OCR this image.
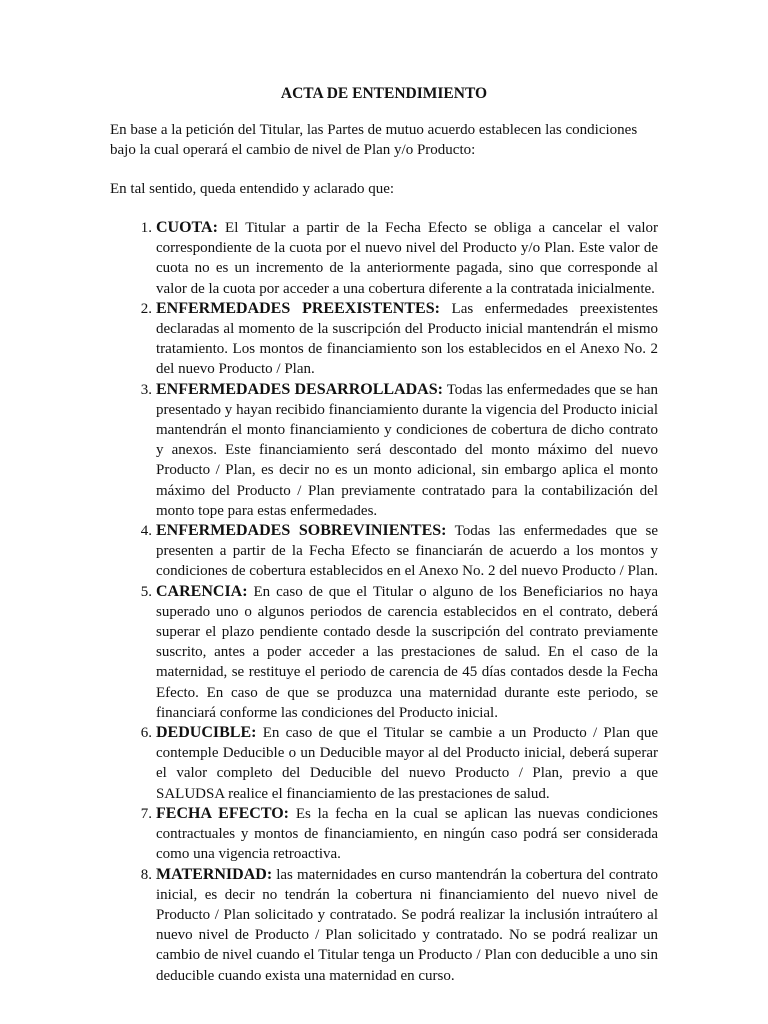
ACTA DE ENTENDIMIENTO

En base a la petición del Titular, las Partes de mutuo acuerdo establecen las condiciones bajo la cual operará el cambio de nivel de Plan y/o Producto:

En tal sentido, queda entendido y aclarado que:

1. CUOTA: El Titular a partir de la Fecha Efecto se obliga a cancelar el valor correspondiente de la cuota por el nuevo nivel del Producto y/o Plan. Este valor de cuota no es un incremento de la anteriormente pagada, sino que corresponde al valor de la cuota por acceder a una cobertura diferente a la contratada inicialmente.
2. ENFERMEDADES PREEXISTENTES: Las enfermedades preexistentes declaradas al momento de la suscripción del Producto inicial mantendrán el mismo tratamiento. Los montos de financiamiento son los establecidos en el Anexo No. 2 del nuevo Producto / Plan.
3. ENFERMEDADES DESARROLLADAS: Todas las enfermedades que se han presentado y hayan recibido financiamiento durante la vigencia del Producto inicial mantendrán el monto financiamiento y condiciones de cobertura de dicho contrato y anexos. Este financiamiento será descontado del monto máximo del nuevo Producto / Plan, es decir no es un monto adicional, sin embargo aplica el monto máximo del Producto / Plan previamente contratado para la contabilización del monto tope para estas enfermedades.
4. ENFERMEDADES SOBREVINIENTES: Todas las enfermedades que se presenten a partir de la Fecha Efecto se financiarán de acuerdo a los montos y condiciones de cobertura establecidos en el Anexo No. 2 del nuevo Producto / Plan.
5. CARENCIA: En caso de que el Titular o alguno de los Beneficiarios no haya superado uno o algunos periodos de carencia establecidos en el contrato, deberá superar el plazo pendiente contado desde la suscripción del contrato previamente suscrito, antes a poder acceder a las prestaciones de salud. En el caso de la maternidad, se restituye el periodo de carencia de 45 días contados desde la Fecha Efecto. En caso de que se produzca una maternidad durante este periodo, se financiará conforme las condiciones del Producto inicial.
6. DEDUCIBLE: En caso de que el Titular se cambie a un Producto / Plan que contemple Deducible o un Deducible mayor al del Producto inicial, deberá superar el valor completo del Deducible del nuevo Producto / Plan, previo a que SALUDSA realice el financiamiento de las prestaciones de salud.
7. FECHA EFECTO: Es la fecha en la cual se aplican las nuevas condiciones contractuales y montos de financiamiento, en ningún caso podrá ser considerada como una vigencia retroactiva.
8. MATERNIDAD: las maternidades en curso mantendrán la cobertura del contrato inicial, es decir no tendrán la cobertura ni financiamiento del nuevo nivel de Producto / Plan solicitado y contratado. Se podrá realizar la inclusión intraútero al nuevo nivel de Producto / Plan solicitado y contratado. No se podrá realizar un cambio de nivel cuando el Titular tenga un Producto / Plan con deducible a uno sin deducible cuando exista una maternidad en curso.
